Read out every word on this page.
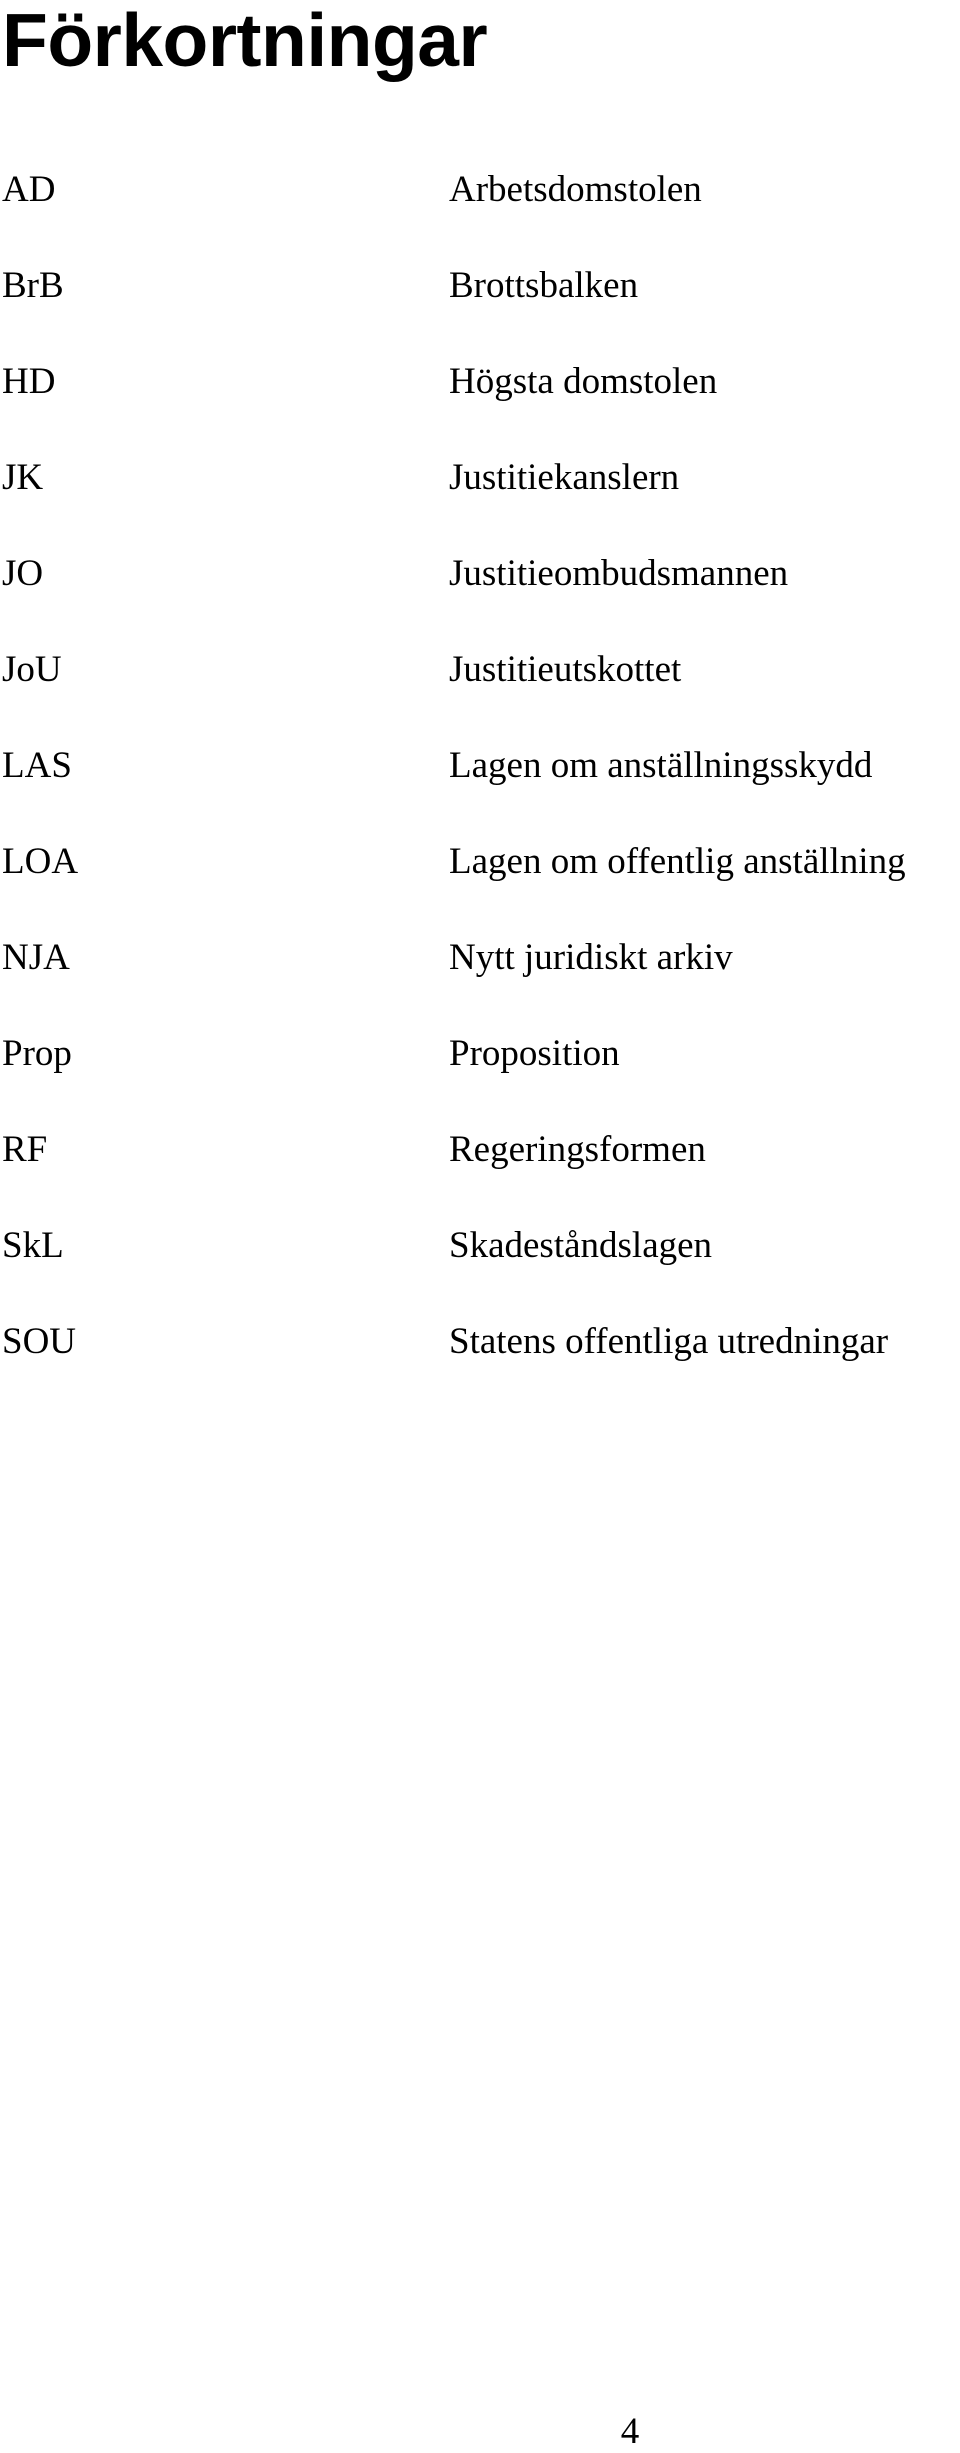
Förkortningar
AD	Arbetsdomstolen
BrB	Brottsbalken
HD	Högsta domstolen
JK	Justitiekanslern
JO	Justitieombudsmannen
JoU	Justitieutskottet
LAS	Lagen om anställningsskydd
LOA	Lagen om offentlig anställning
NJA	Nytt juridiskt arkiv
Prop	Proposition
RF	Regeringsformen
SkL	Skadeståndslagen
SOU	Statens offentliga utredningar
4
